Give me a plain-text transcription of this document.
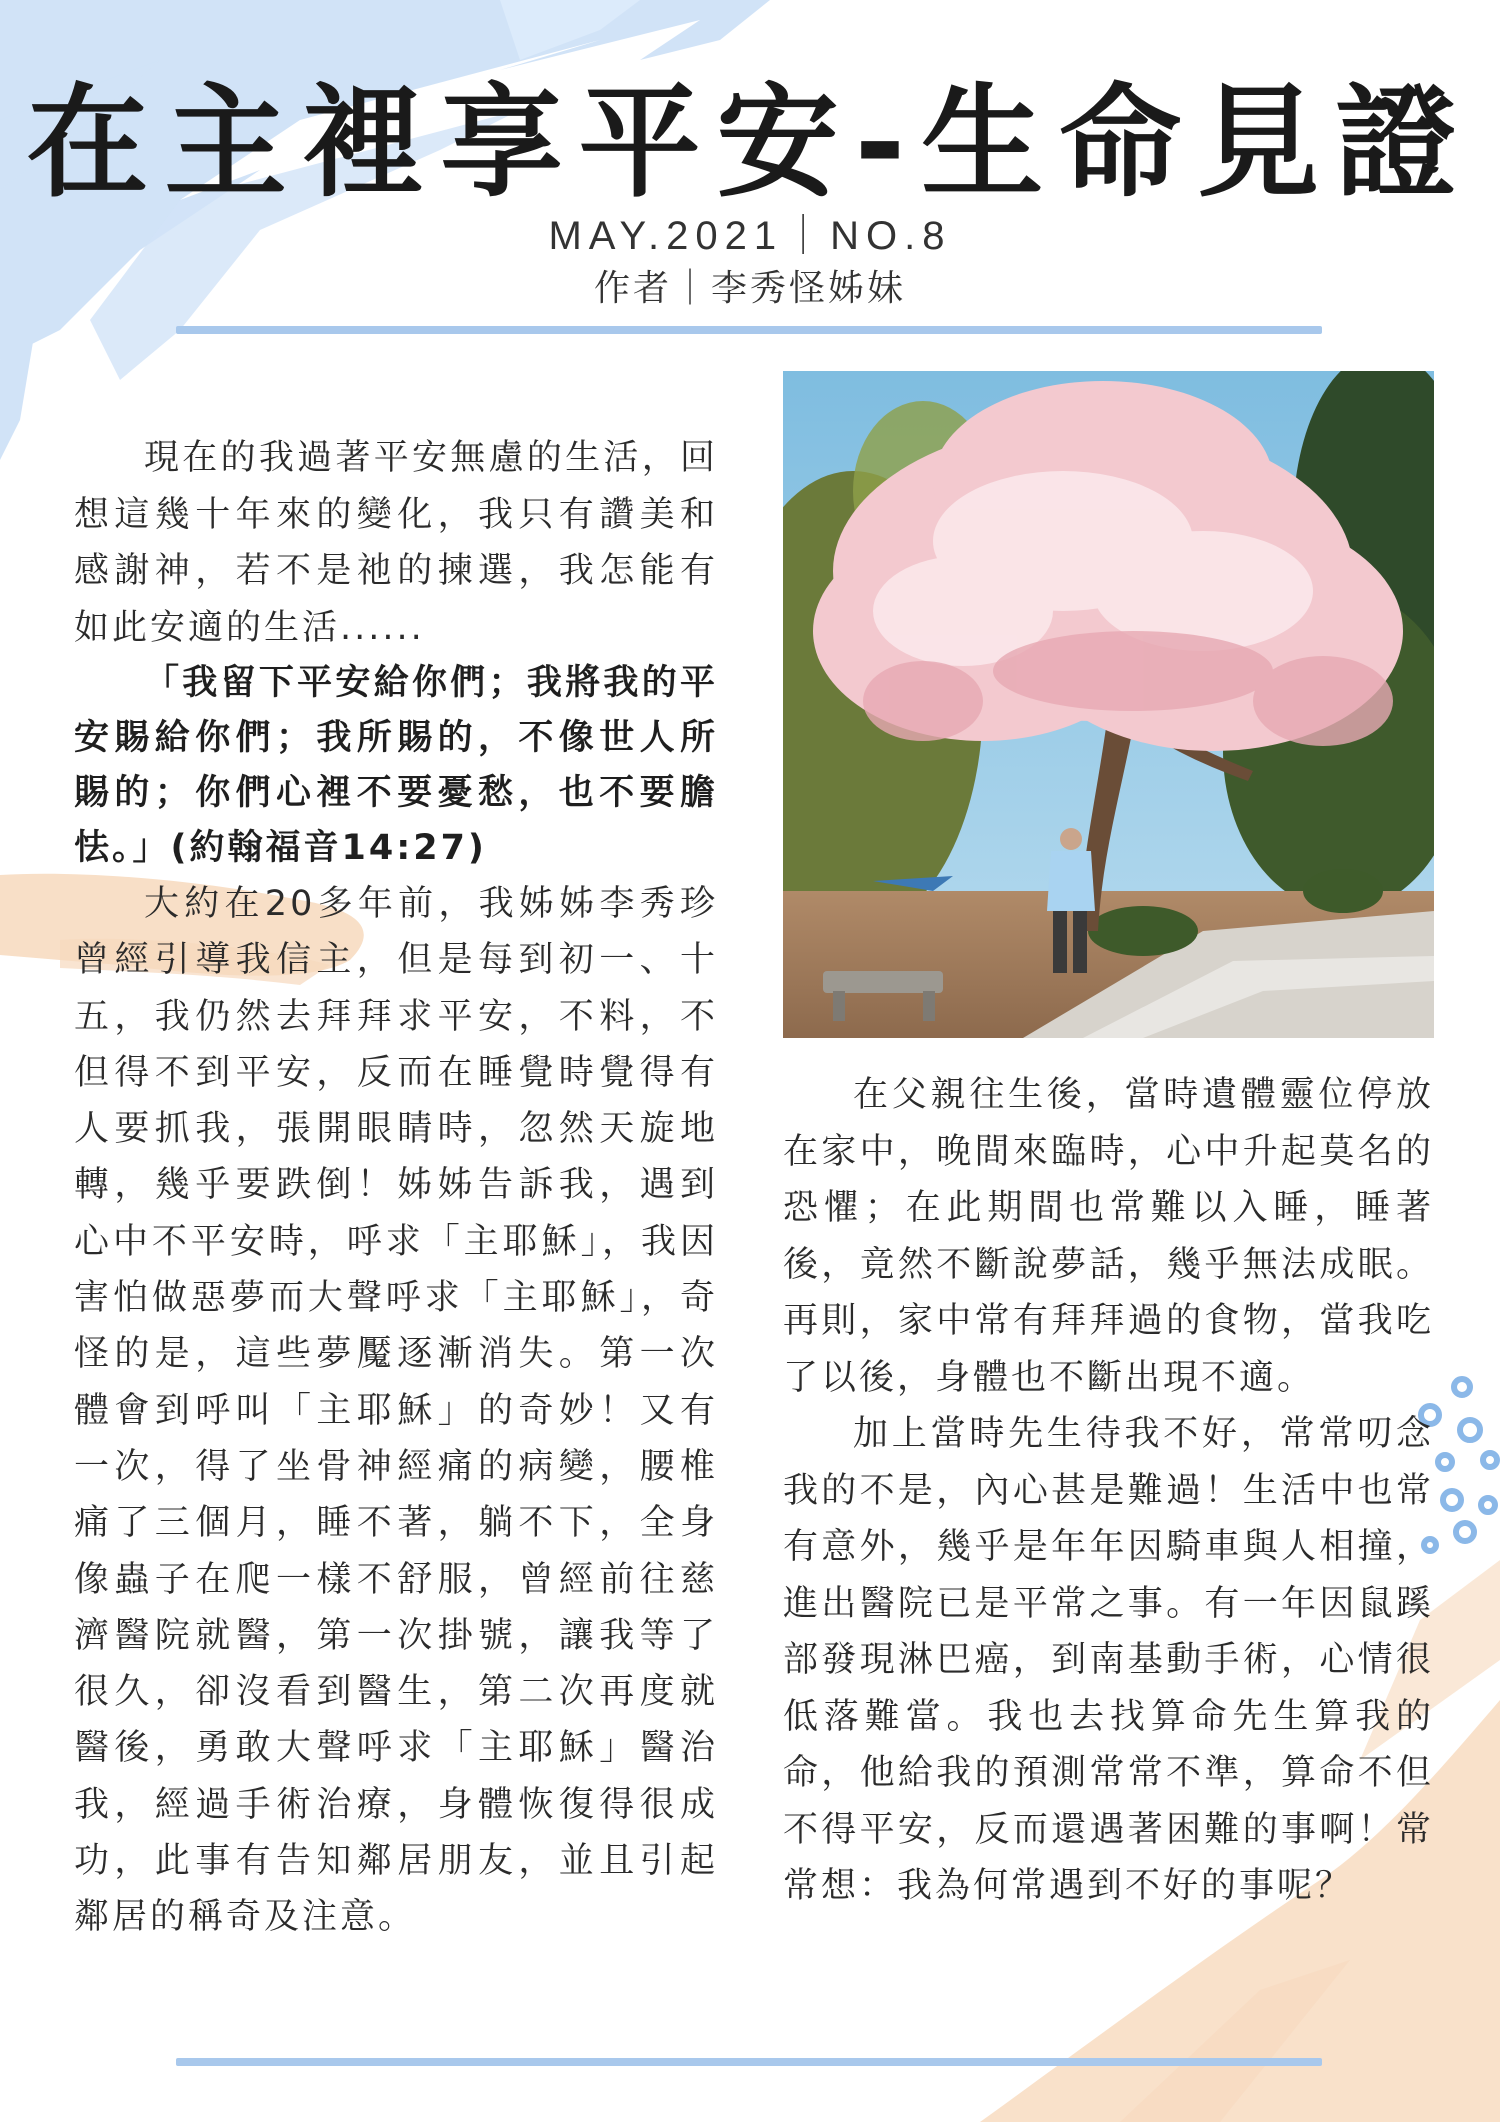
在主裡享平安-生命見證
MAY.2021｜NO.8
作者｜李秀怪姊妹

現在的我過著平安無慮的生活，回想這幾十年來的變化，我只有讚美和感謝神，若不是祂的揀選，我怎能有如此安適的生活......

「我留下平安給你們；我將我的平安賜給你們；我所賜的，不像世人所賜的；你們心裡不要憂愁，也不要膽怯。」(約翰福音14:27)

大約在20多年前，我姊姊李秀珍曾經引導我信主，但是每到初一、十五，我仍然去拜拜求平安，不料，不但得不到平安，反而在睡覺時覺得有人要抓我，張開眼睛時，忽然天旋地轉，幾乎要跌倒！姊姊告訴我，遇到心中不平安時，呼求「主耶穌」，我因害怕做惡夢而大聲呼求「主耶穌」，奇怪的是，這些夢魘逐漸消失。第一次體會到呼叫「主耶穌」的奇妙！又有一次，得了坐骨神經痛的病變，腰椎痛了三個月，睡不著，躺不下，全身像蟲子在爬一樣不舒服，曾經前往慈濟醫院就醫，第一次掛號，讓我等了很久，卻沒看到醫生，第二次再度就醫後，勇敢大聲呼求「主耶穌」醫治我，經過手術治療，身體恢復得很成功，此事有告知鄰居朋友，並且引起鄰居的稱奇及注意。

在父親往生後，當時遺體靈位停放在家中，晚間來臨時，心中升起莫名的恐懼；在此期間也常難以入睡，睡著後，竟然不斷說夢話，幾乎無法成眠。再則，家中常有拜拜過的食物，當我吃了以後，身體也不斷出現不適。

加上當時先生待我不好，常常叨念我的不是，內心甚是難過！生活中也常有意外，幾乎是年年因騎車與人相撞，進出醫院已是平常之事。有一年因鼠蹊部發現淋巴癌，到南基動手術，心情很低落難當。我也去找算命先生算我的命，他給我的預測常常不準，算命不但不得平安，反而還遇著困難的事啊！常常想：我為何常遇到不好的事呢？
